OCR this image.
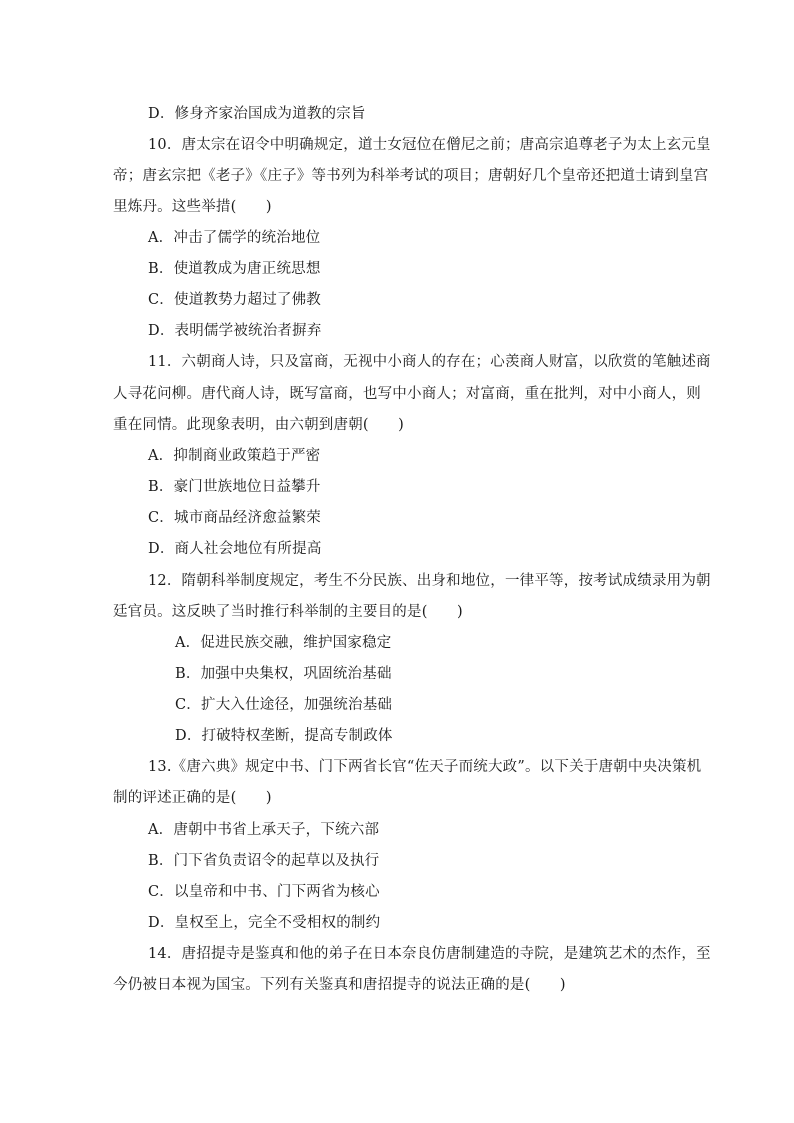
D．修身齐家治国成为道教的宗旨
10．唐太宗在诏令中明确规定，道士女冠位在僧尼之前；唐高宗追尊老子为太上玄元皇
帝；唐玄宗把《老子》《庄子》等书列为科举考试的项目；唐朝好几个皇帝还把道士请到皇宫
里炼丹。这些举措(　　)
A．冲击了儒学的统治地位
B．使道教成为唐正统思想
C．使道教势力超过了佛教
D．表明儒学被统治者摒弃
11．六朝商人诗，只及富商，无视中小商人的存在；心羡商人财富，以欣赏的笔触述商
人寻花问柳。唐代商人诗，既写富商，也写中小商人；对富商，重在批判，对中小商人，则
重在同情。此现象表明，由六朝到唐朝(　　)
A．抑制商业政策趋于严密
B．豪门世族地位日益攀升
C．城市商品经济愈益繁荣
D．商人社会地位有所提高
12．隋朝科举制度规定，考生不分民族、出身和地位，一律平等，按考试成绩录用为朝
廷官员。这反映了当时推行科举制的主要目的是(　　)
A．促进民族交融，维护国家稳定
B．加强中央集权，巩固统治基础
C．扩大入仕途径，加强统治基础
D．打破特权垄断，提高专制政体
13.《唐六典》规定中书、门下两省长官“佐天子而统大政”。以下关于唐朝中央决策机
制的评述正确的是(　　)
A．唐朝中书省上承天子，下统六部
B．门下省负责诏令的起草以及执行
C．以皇帝和中书、门下两省为核心
D．皇权至上，完全不受相权的制约
14．唐招提寺是鉴真和他的弟子在日本奈良仿唐制建造的寺院，是建筑艺术的杰作，至
今仍被日本视为国宝。下列有关鉴真和唐招提寺的说法正确的是(　　)
